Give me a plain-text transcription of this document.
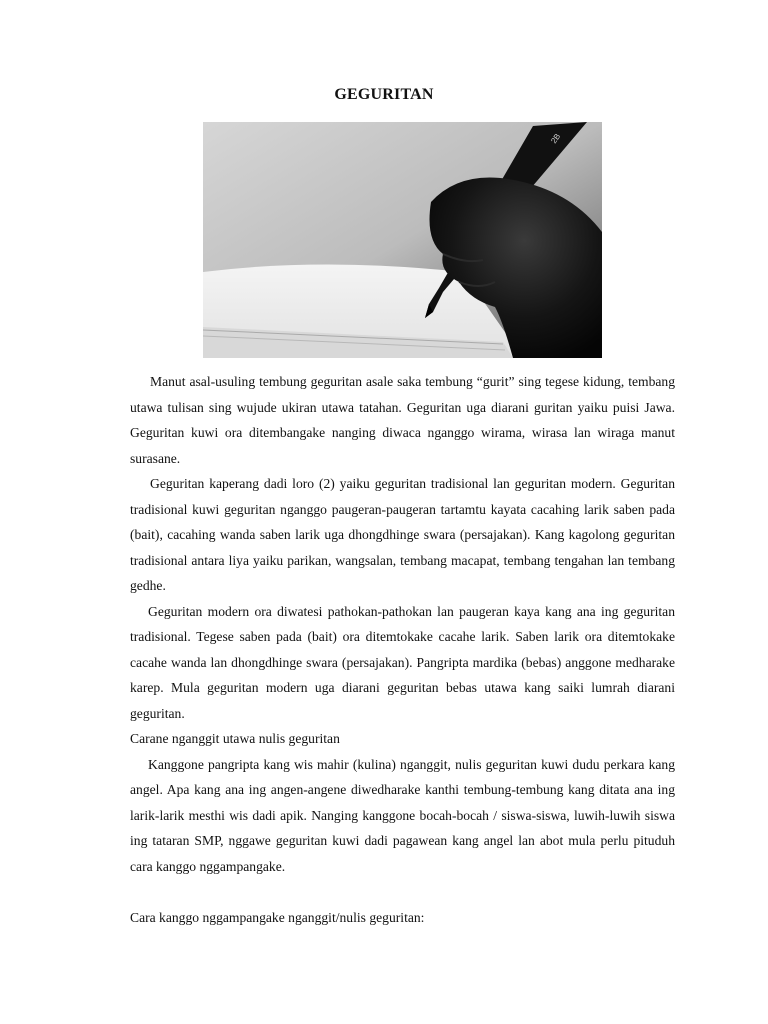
GEGURITAN
2B

Manut asal-usuling tembung geguritan asale saka tembung “gurit” sing tegese kidung, tembang utawa tulisan sing wujude ukiran utawa tatahan. Geguritan uga diarani guritan yaiku puisi Jawa. Geguritan kuwi ora ditembangake nanging diwaca nganggo wirama, wirasa lan wiraga manut surasane.

Geguritan kaperang dadi loro (2) yaiku geguritan tradisional lan geguritan modern. Geguritan tradisional kuwi geguritan nganggo paugeran-paugeran tartamtu kayata cacahing larik saben pada (bait), cacahing wanda saben larik uga dhongdhinge swara (persajakan). Kang kagolong geguritan tradisional antara liya yaiku parikan, wangsalan, tembang macapat, tembang tengahan lan tembang gedhe.

Geguritan modern ora diwatesi pathokan-pathokan lan paugeran kaya kang ana ing geguritan tradisional. Tegese saben pada (bait) ora ditemtokake cacahe larik. Saben larik ora ditemtokake cacahe wanda lan dhongdhinge swara (persajakan). Pangripta mardika (bebas) anggone medharake karep. Mula geguritan modern uga diarani geguritan bebas utawa kang saiki lumrah diarani geguritan.

Carane nganggit utawa nulis geguritan

Kanggone pangripta kang wis mahir (kulina) nganggit, nulis geguritan kuwi dudu perkara kang angel. Apa kang ana ing angen-angene diwedharake kanthi tembung-tembung kang ditata ana ing larik-larik mesthi wis dadi apik. Nanging kanggone bocah-bocah / siswa-siswa, luwih-luwih siswa ing tataran SMP, nggawe geguritan kuwi dadi pagawean kang angel lan abot mula perlu pituduh cara kanggo nggampangake.

Cara kanggo nggampangake nganggit/nulis geguritan:
